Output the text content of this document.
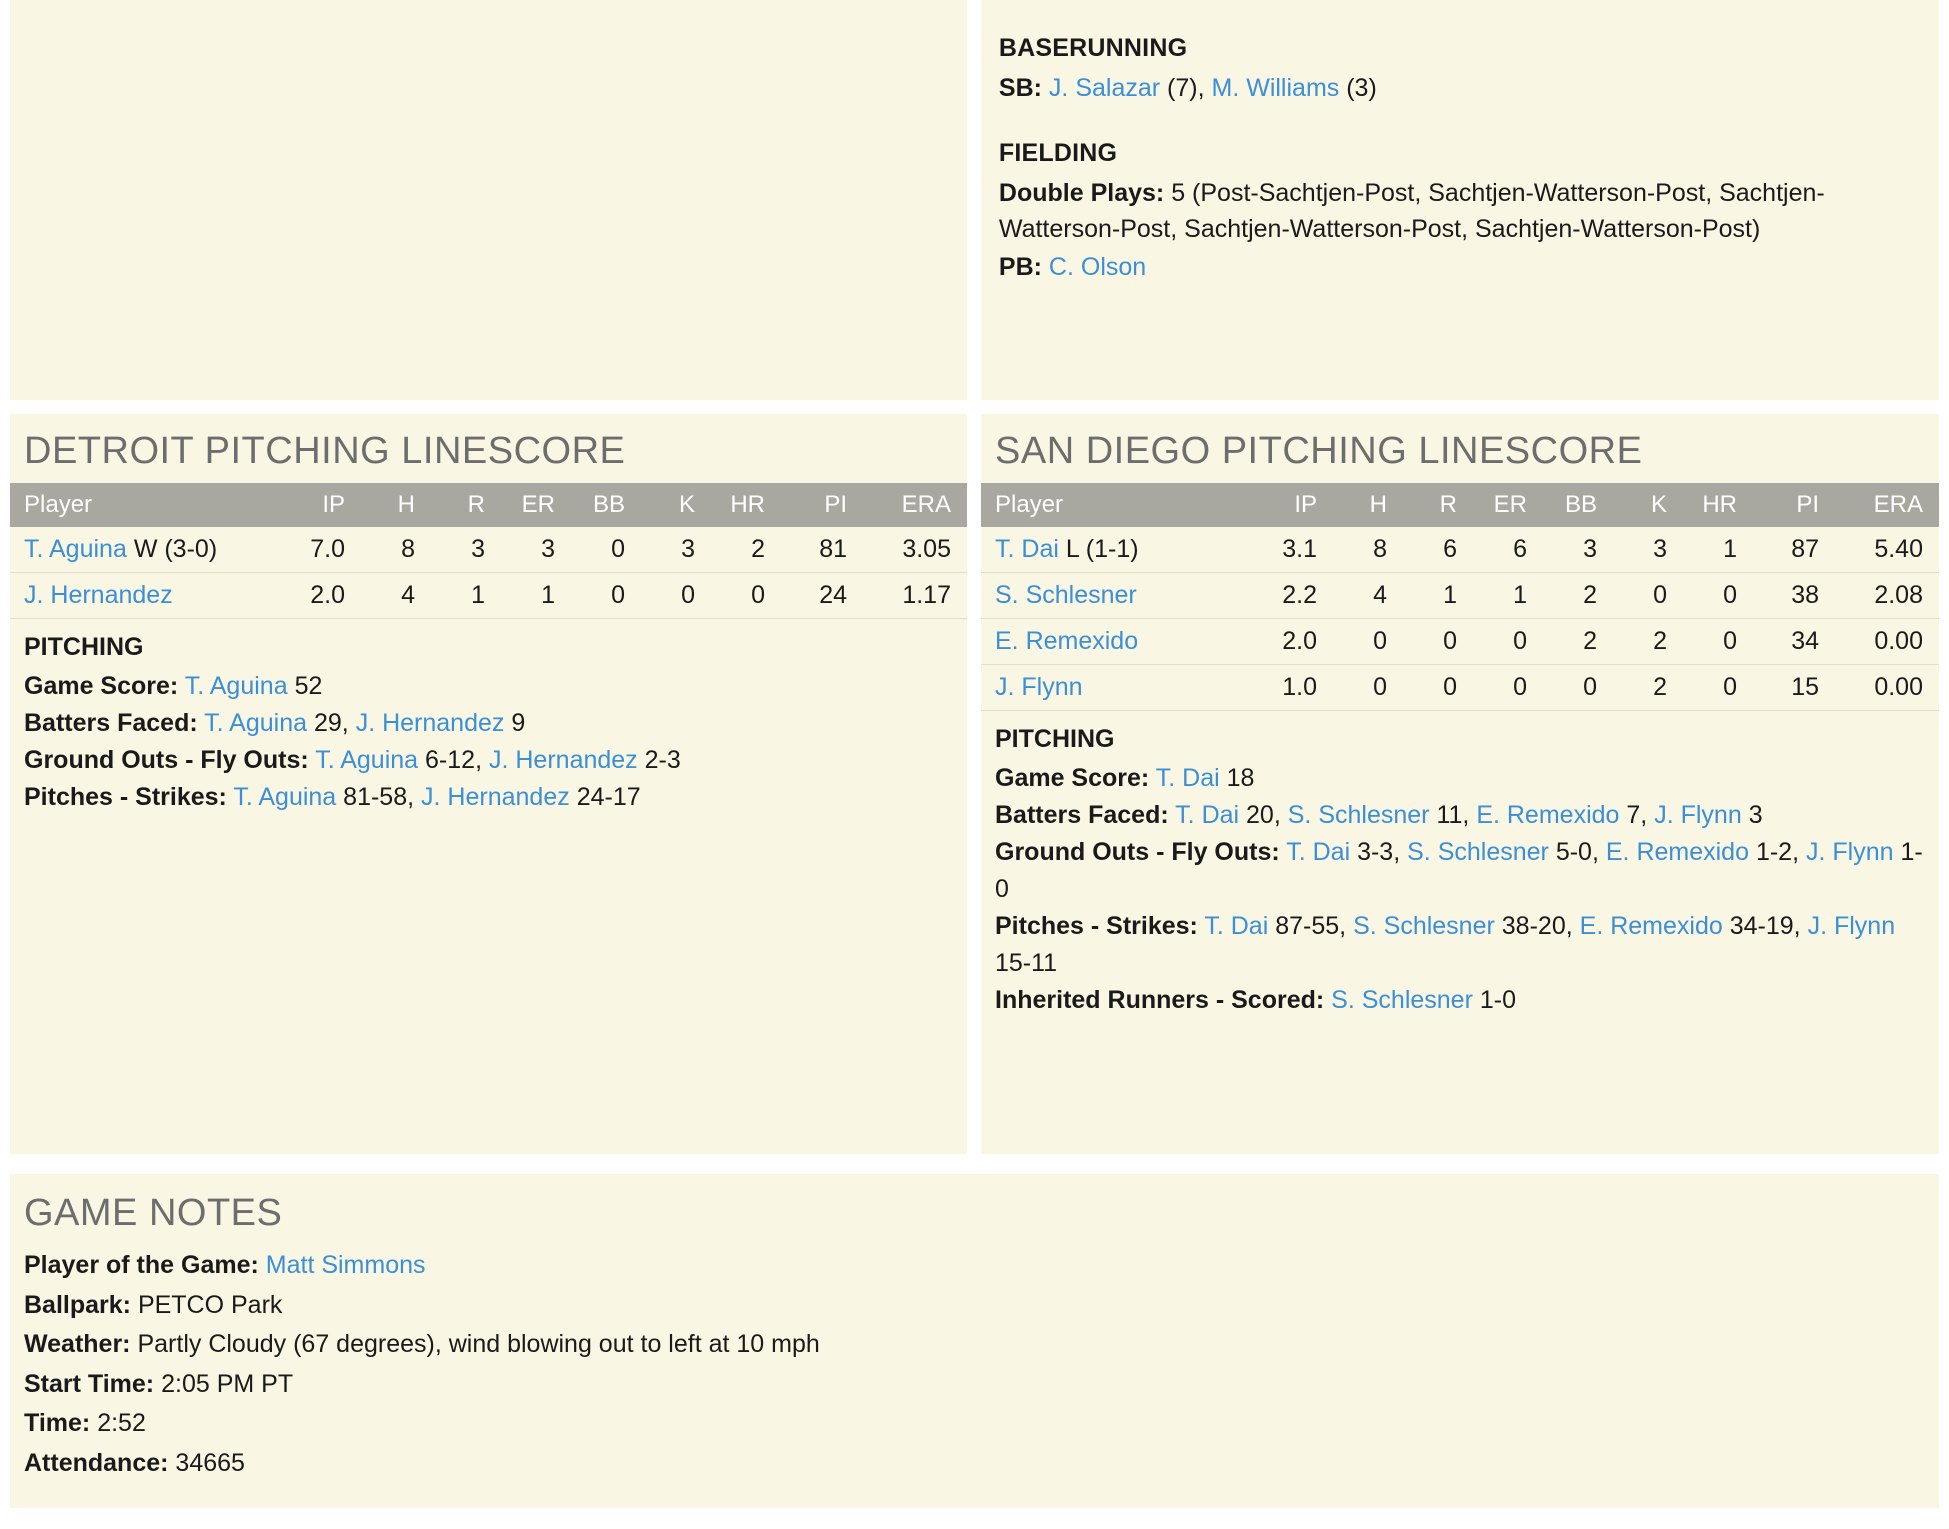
BASERUNNING
SB: J. Salazar (7), M. Williams (3)
FIELDING
Double Plays: 5 (Post-Sachtjen-Post, Sachtjen-Watterson-Post, Sachtjen-Watterson-Post, Sachtjen-Watterson-Post, Sachtjen-Watterson-Post)
PB: C. Olson
DETROIT PITCHING LINESCORE
Player	IP	H	R	ER	BB	K	HR	PI	ERA
T. Aguina W (3-0)	7.0	8	3	3	0	3	2	81	3.05
J. Hernandez	2.0	4	1	1	0	0	0	24	1.17
PITCHING
Game Score: T. Aguina 52
Batters Faced: T. Aguina 29, J. Hernandez 9
Ground Outs - Fly Outs: T. Aguina 6-12, J. Hernandez 2-3
Pitches - Strikes: T. Aguina 81-58, J. Hernandez 24-17
SAN DIEGO PITCHING LINESCORE
Player	IP	H	R	ER	BB	K	HR	PI	ERA
T. Dai L (1-1)	3.1	8	6	6	3	3	1	87	5.40
S. Schlesner	2.2	4	1	1	2	0	0	38	2.08
E. Remexido	2.0	0	0	0	2	2	0	34	0.00
J. Flynn	1.0	0	0	0	0	2	0	15	0.00
PITCHING
Game Score: T. Dai 18
Batters Faced: T. Dai 20, S. Schlesner 11, E. Remexido 7, J. Flynn 3
Ground Outs - Fly Outs: T. Dai 3-3, S. Schlesner 5-0, E. Remexido 1-2, J. Flynn 1-0
Pitches - Strikes: T. Dai 87-55, S. Schlesner 38-20, E. Remexido 34-19, J. Flynn 15-11
Inherited Runners - Scored: S. Schlesner 1-0
GAME NOTES
Player of the Game: Matt Simmons
Ballpark: PETCO Park
Weather: Partly Cloudy (67 degrees), wind blowing out to left at 10 mph
Start Time: 2:05 PM PT
Time: 2:52
Attendance: 34665
